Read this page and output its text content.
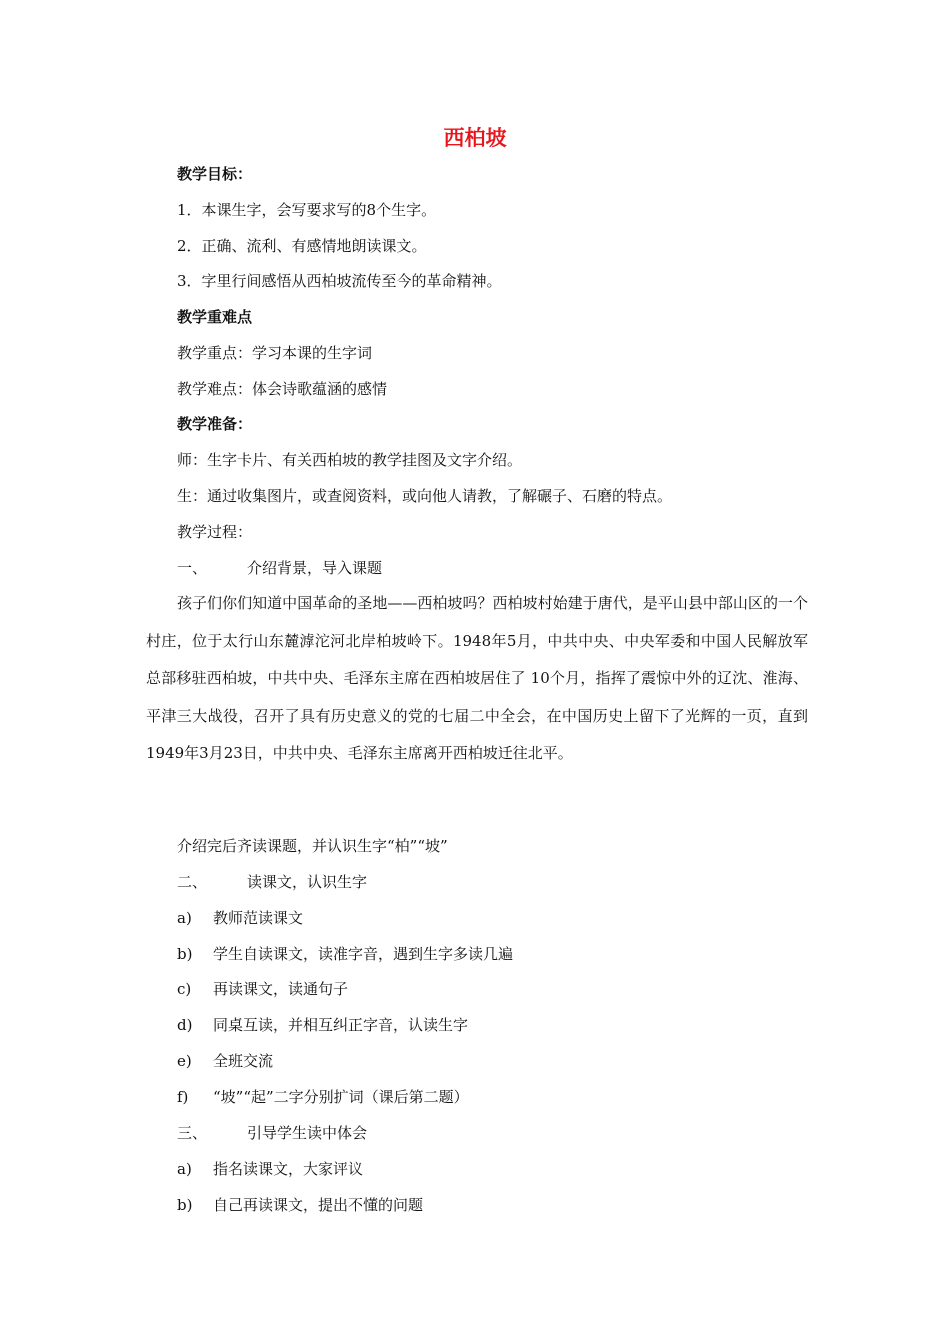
西柏坡
教学目标：
1．本课生字，会写要求写的8个生字。
2．正确、流利、有感情地朗读课文。
3．字里行间感悟从西柏坡流传至今的革命精神。
教学重难点
教学重点：学习本课的生字词
教学难点：体会诗歌蕴涵的感情
教学准备：
师：生字卡片、有关西柏坡的教学挂图及文字介绍。
生：通过收集图片，或查阅资料，或向他人请教，了解碾子、石磨的特点。
教学过程：
一、	介绍背景，导入课题
孩子们你们知道中国革命的圣地——西柏坡吗？西柏坡村始建于唐代，是平山县中部山区的一个村庄，位于太行山东麓滹沱河北岸柏坡岭下。1948年5月，中共中央、中央军委和中国人民解放军总部移驻西柏坡，中共中央、毛泽东主席在西柏坡居住了 10个月，指挥了震惊中外的辽沈、淮海、平津三大战役，召开了具有历史意义的党的七届二中全会，在中国历史上留下了光辉的一页，直到1949年3月23日，中共中央、毛泽东主席离开西柏坡迁往北平。
介绍完后齐读课题，并认识生字“柏”“坡”
二、	读课文，认识生字
a) 教师范读课文
b) 学生自读课文，读准字音，遇到生字多读几遍
c) 再读课文，读通句子
d) 同桌互读，并相互纠正字音，认读生字
e) 全班交流
f) “坡”“起”二字分别扩词（课后第二题）
三、	引导学生读中体会
a) 指名读课文，大家评议
b) 自己再读课文，提出不懂的问题
